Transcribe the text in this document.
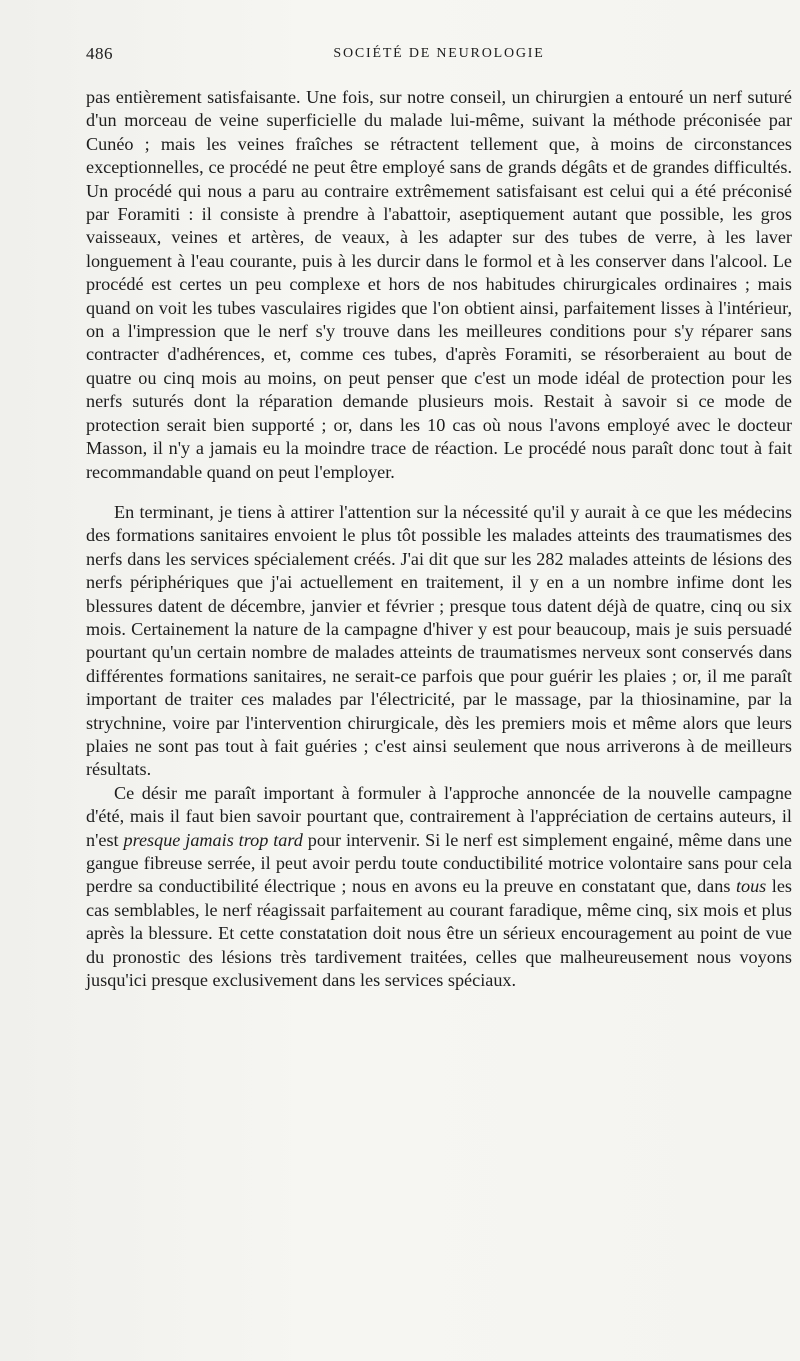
486	SOCIÉTÉ DE NEUROLOGIE

pas entièrement satisfaisante. Une fois, sur notre conseil, un chirurgien a entouré un nerf suturé d'un morceau de veine superficielle du malade lui-même, suivant la méthode préconisée par Cunéo ; mais les veines fraîches se rétractent tellement que, à moins de circonstances exceptionnelles, ce procédé ne peut être employé sans de grands dégâts et de grandes difficultés. Un procédé qui nous a paru au contraire extrêmement satisfaisant est celui qui a été préconisé par Foramiti : il consiste à prendre à l'abattoir, aseptiquement autant que possible, les gros vaisseaux, veines et artères, de veaux, à les adapter sur des tubes de verre, à les laver longuement à l'eau courante, puis à les durcir dans le formol et à les conserver dans l'alcool. Le procédé est certes un peu complexe et hors de nos habitudes chirurgicales ordinaires ; mais quand on voit les tubes vasculaires rigides que l'on obtient ainsi, parfaitement lisses à l'intérieur, on a l'impression que le nerf s'y trouve dans les meilleures conditions pour s'y réparer sans contracter d'adhérences, et, comme ces tubes, d'après Foramiti, se résorberaient au bout de quatre ou cinq mois au moins, on peut penser que c'est un mode idéal de protection pour les nerfs suturés dont la réparation demande plusieurs mois. Restait à savoir si ce mode de protection serait bien supporté ; or, dans les 10 cas où nous l'avons employé avec le docteur Masson, il n'y a jamais eu la moindre trace de réaction. Le procédé nous paraît donc tout à fait recommandable quand on peut l'employer.

En terminant, je tiens à attirer l'attention sur la nécessité qu'il y aurait à ce que les médecins des formations sanitaires envoient le plus tôt possible les malades atteints des traumatismes des nerfs dans les services spécialement créés. J'ai dit que sur les 282 malades atteints de lésions des nerfs périphériques que j'ai actuellement en traitement, il y en a un nombre infime dont les blessures datent de décembre, janvier et février ; presque tous datent déjà de quatre, cinq ou six mois. Certainement la nature de la campagne d'hiver y est pour beaucoup, mais je suis persuadé pourtant qu'un certain nombre de malades atteints de traumatismes nerveux sont conservés dans différentes formations sanitaires, ne serait-ce parfois que pour guérir les plaies ; or, il me paraît important de traiter ces malades par l'électricité, par le massage, par la thiosinamine, par la strychnine, voire par l'intervention chirurgicale, dès les premiers mois et même alors que leurs plaies ne sont pas tout à fait guéries ; c'est ainsi seulement que nous arriverons à de meilleurs résultats.

Ce désir me paraît important à formuler à l'approche annoncée de la nouvelle campagne d'été, mais il faut bien savoir pourtant que, contrairement à l'appréciation de certains auteurs, il n'est presque jamais trop tard pour intervenir. Si le nerf est simplement engainé, même dans une gangue fibreuse serrée, il peut avoir perdu toute conductibilité motrice volontaire sans pour cela perdre sa conductibilité électrique ; nous en avons eu la preuve en constatant que, dans tous les cas semblables, le nerf réagissait parfaitement au courant faradique, même cinq, six mois et plus après la blessure. Et cette constatation doit nous être un sérieux encouragement au point de vue du pronostic des lésions très tardivement traitées, celles que malheureusement nous voyons jusqu'ici presque exclusivement dans les services spéciaux.
